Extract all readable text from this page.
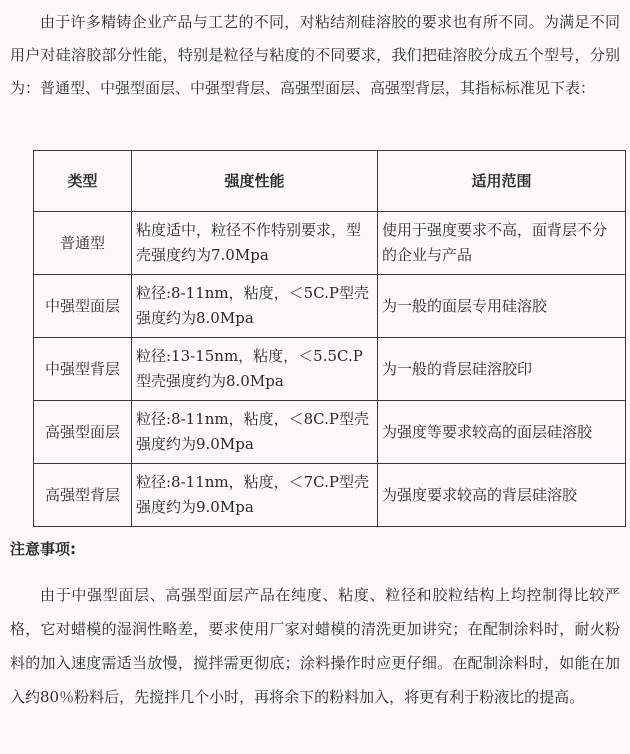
由于许多精铸企业产品与工艺的不同，对粘结剂硅溶胶的要求也有所不同。为满足不同用户对硅溶胶部分性能，特别是粒径与粘度的不同要求，我们把硅溶胶分成五个型号，分别为：普通型、中强型面层、中强型背层、高强型面层、高强型背层，其指标标准见下表：

类型	强度性能	适用范围
普通型	粘度适中，粒径不作特别要求，型壳强度约为7.0Mpa	使用于强度要求不高，面背层不分的企业与产品
中强型面层	粒径:8-11nm，粘度，＜5C.P型壳强度约为8.0Mpa	为一般的面层专用硅溶胶
中强型背层	粒径:13-15nm，粘度，＜5.5C.P型壳强度约为8.0Mpa	为一般的背层硅溶胶印
高强型面层	粒径:8-11nm，粘度，＜8C.P型壳强度约为9.0Mpa	为强度等要求较高的面层硅溶胶
高强型背层	粒径:8-11nm，粘度，＜7C.P型壳强度约为9.0Mpa	为强度要求较高的背层硅溶胶
注意事项:

由于中强型面层、高强型面层产品在纯度、粘度、粒径和胶粒结构上均控制得比较严格，它对蜡模的湿润性略差，要求使用厂家对蜡模的清洗更加讲究；在配制涂料时，耐火粉料的加入速度需适当放慢，搅拌需更彻底；涂料操作时应更仔细。在配制涂料时，如能在加入约80％粉料后，先搅拌几个小时，再将余下的粉料加入，将更有利于粉液比的提高。
